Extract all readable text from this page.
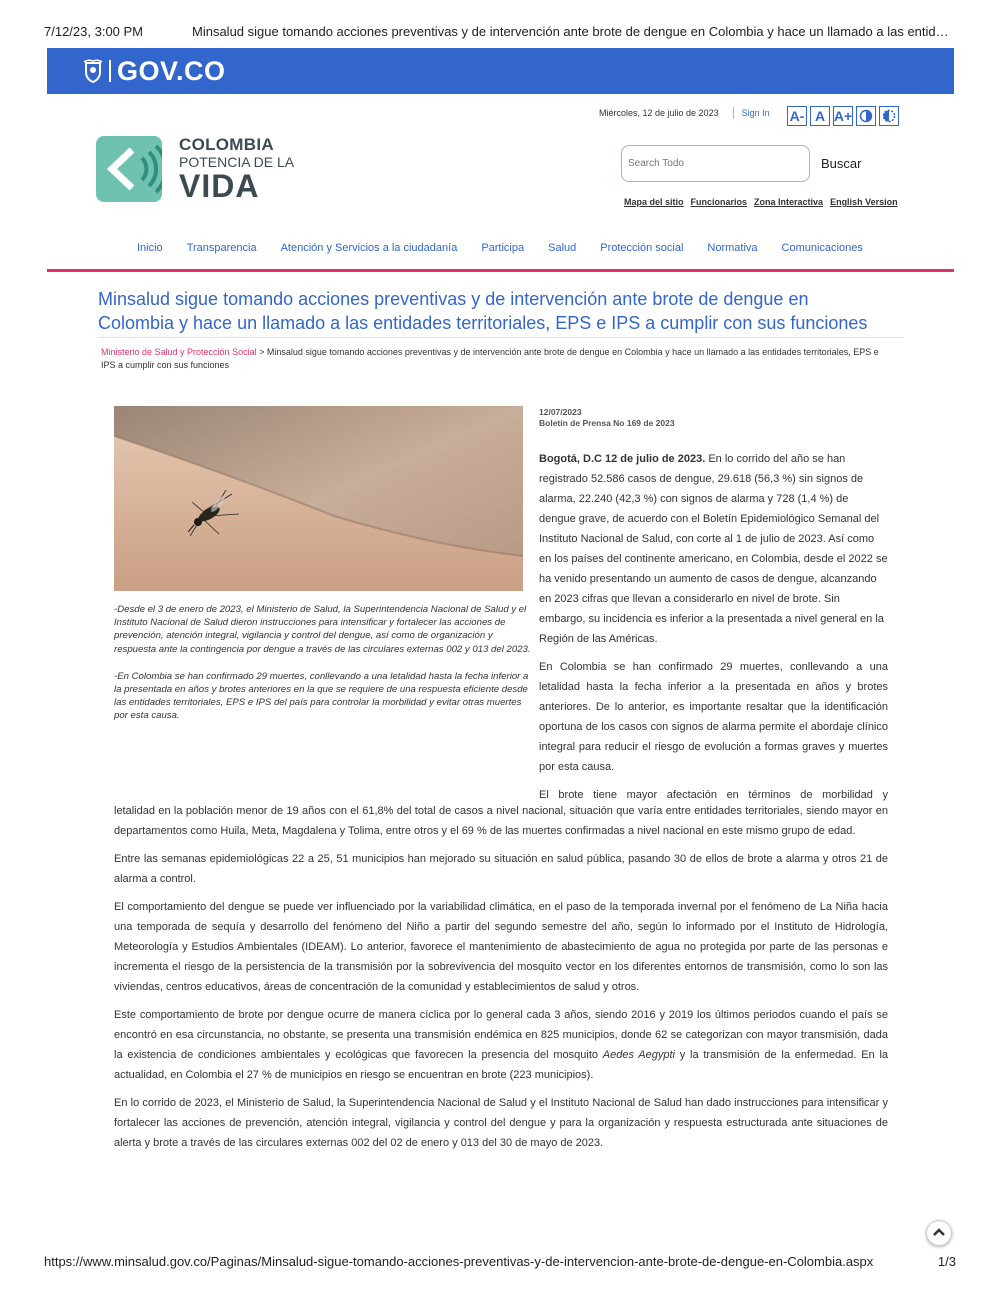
7/12/23, 3:00 PM	Minsalud sigue tomando acciones preventivas y de intervención ante brote de dengue en Colombia y hace un llamado a las entid…
GOV.CO
Miércoles, 12 de julio de 2023	Sign In A- A A+
COLOMBIA
POTENCIA DE LA
VIDA
Search Todo
Buscar
Mapa del sitio Funcionarios Zona Interactiva English Version
Inicio Transparencia Atención y Servicios a la ciudadanía Participa Salud Protección social Normativa Comunicaciones
Minsalud sigue tomando acciones preventivas y de intervención ante brote de dengue en Colombia y hace un llamado a las entidades territoriales, EPS e IPS a cumplir con sus funciones
Ministerio de Salud y Protección Social > Minsalud sigue tomando acciones preventivas y de intervención ante brote de dengue en Colombia y hace un llamado a las entidades territoriales, EPS e IPS a cumplir con sus funciones

-Desde el 3 de enero de 2023, el Ministerio de Salud, la Superintendencia Nacional de Salud y el Instituto Nacional de Salud dieron instrucciones para intensificar y fortalecer las acciones de prevención, atención integral, vigilancia y control del dengue, así como de organización y respuesta ante la contingencia por dengue a través de las circulares externas 002 y 013 del 2023.

-En Colombia se han confirmado 29 muertes, conllevando a una letalidad hasta la fecha inferior a la presentada en años y brotes anteriores en la que se requiere de una respuesta eficiente desde las entidades territoriales, EPS e IPS del país para controlar la morbilidad y evitar otras muertes por esta causa.

12/07/2023
Boletín de Prensa No 169 de 2023

Bogotá, D.C 12 de julio de 2023. En lo corrido del año se han registrado 52.586 casos de dengue, 29.618 (56,3 %) sin signos de alarma, 22.240 (42,3 %) con signos de alarma y 728 (1,4 %) de dengue grave, de acuerdo con el Boletín Epidemiológico Semanal del Instituto Nacional de Salud, con corte al 1 de julio de 2023. Así como en los países del continente americano, en Colombia, desde el 2022 se ha venido presentando un aumento de casos de dengue, alcanzando en 2023 cifras que llevan a considerarlo en nivel de brote. Sin embargo, su incidencia es inferior a la presentada a nivel general en la Región de las Américas.

En Colombia se han confirmado 29 muertes, conllevando a una letalidad hasta la fecha inferior a la presentada en años y brotes anteriores. De lo anterior, es importante resaltar que la identificación oportuna de los casos con signos de alarma permite el abordaje clínico integral para reducir el riesgo de evolución a formas graves y muertes por esta causa.

El brote tiene mayor afectación en términos de morbilidad y

letalidad en la población menor de 19 años con el 61,8% del total de casos a nivel nacional, situación que varía entre entidades territoriales, siendo mayor en departamentos como Huila, Meta, Magdalena y Tolima, entre otros y el 69 % de las muertes confirmadas a nivel nacional en este mismo grupo de edad.

Entre las semanas epidemiológicas 22 a 25, 51 municipios han mejorado su situación en salud pública, pasando 30 de ellos de brote a alarma y otros 21 de alarma a control.

El comportamiento del dengue se puede ver influenciado por la variabilidad climática, en el paso de la temporada invernal por el fenómeno de La Niña hacia una temporada de sequía y desarrollo del fenómeno del Niño a partir del segundo semestre del año, según lo informado por el Instituto de Hidrología, Meteorología y Estudios Ambientales (IDEAM). Lo anterior, favorece el mantenimiento de abastecimiento de agua no protegida por parte de las personas e incrementa el riesgo de la persistencia de la transmisión por la sobrevivencia del mosquito vector en los diferentes entornos de transmisión, como lo son las viviendas, centros educativos, áreas de concentración de la comunidad y establecimientos de salud y otros.

Este comportamiento de brote por dengue ocurre de manera cíclica por lo general cada 3 años, siendo 2016 y 2019 los últimos periodos cuando el país se encontró en esa circunstancia, no obstante, se presenta una transmisión endémica en 825 municipios, donde 62 se categorizan con mayor transmisión, dada la existencia de condiciones ambientales y ecológicas que favorecen la presencia del mosquito Aedes Aegypti y la transmisión de la enfermedad. En la actualidad, en Colombia el 27 % de municipios en riesgo se encuentran en brote (223 municipios).

En lo corrido de 2023, el Ministerio de Salud, la Superintendencia Nacional de Salud y el Instituto Nacional de Salud han dado instrucciones para intensificar y fortalecer las acciones de prevención, atención integral, vigilancia y control del dengue y para la organización y respuesta estructurada ante situaciones de alerta y brote a través de las circulares externas 002 del 02 de enero y 013 del 30 de mayo de 2023.

https://www.minsalud.gov.co/Paginas/Minsalud-sigue-tomando-acciones-preventivas-y-de-intervencion-ante-brote-de-dengue-en-Colombia.aspx	1/3
